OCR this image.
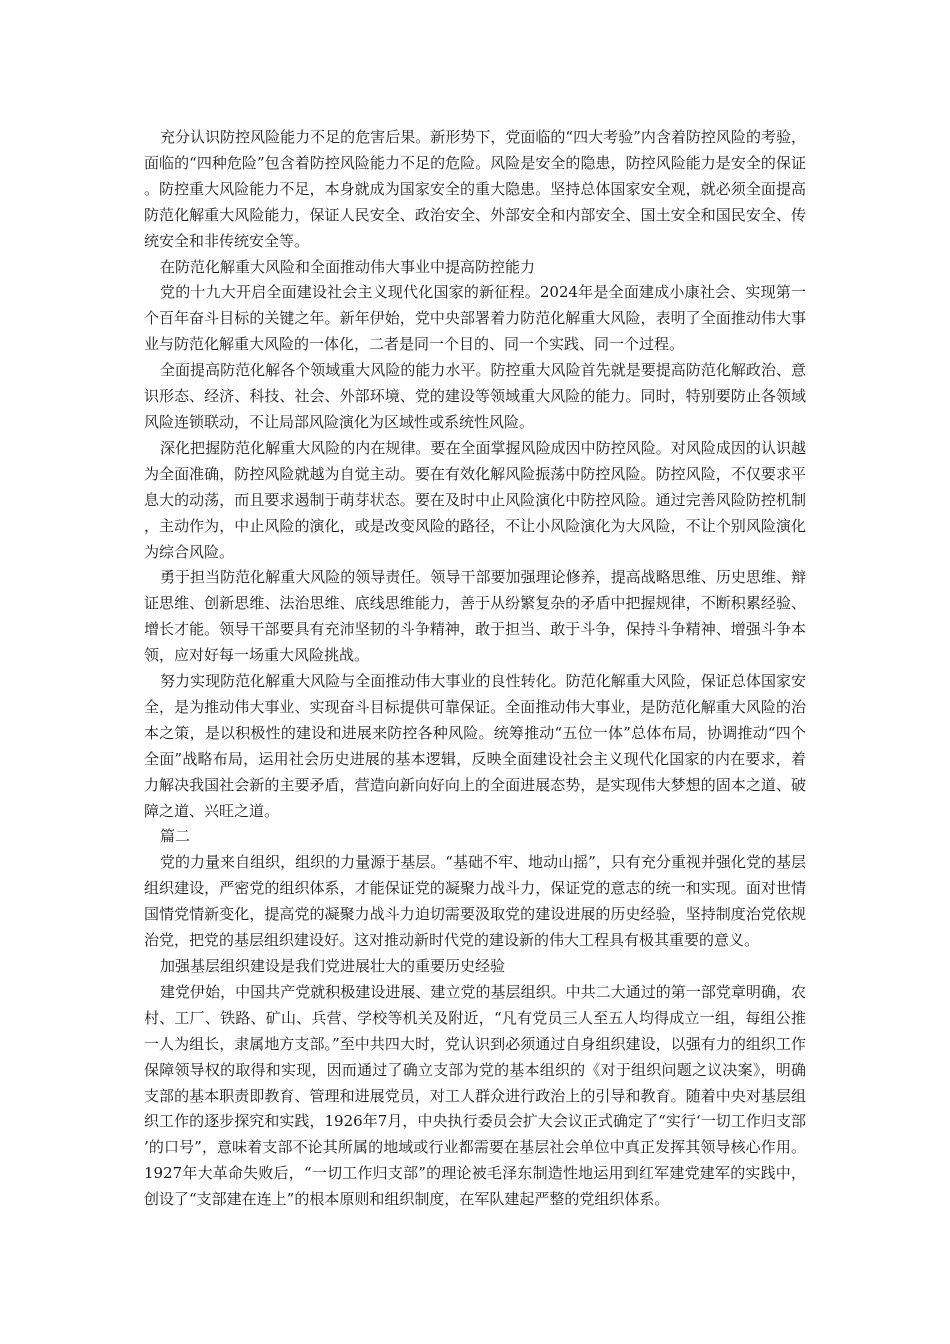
充分认识防控风险能力不足的危害后果。新形势下，党面临的“四大考验”内含着防控风险的考验，面临的“四种危险”包含着防控风险能力不足的危险。风险是安全的隐患，防控风险能力是安全的保证。防控重大风险能力不足，本身就成为国家安全的重大隐患。坚持总体国家安全观，就必须全面提高防范化解重大风险能力，保证人民安全、政治安全、外部安全和内部安全、国土安全和国民安全、传统安全和非传统安全等。

在防范化解重大风险和全面推动伟大事业中提高防控能力

党的十九大开启全面建设社会主义现代化国家的新征程。2024年是全面建成小康社会、实现第一个百年奋斗目标的关键之年。新年伊始，党中央部署着力防范化解重大风险，表明了全面推动伟大事业与防范化解重大风险的一体化，二者是同一个目的、同一个实践、同一个过程。

全面提高防范化解各个领域重大风险的能力水平。防控重大风险首先就是要提高防范化解政治、意识形态、经济、科技、社会、外部环境、党的建设等领域重大风险的能力。同时，特别要防止各领域风险连锁联动，不让局部风险演化为区域性或系统性风险。

深化把握防范化解重大风险的内在规律。要在全面掌握风险成因中防控风险。对风险成因的认识越为全面准确，防控风险就越为自觉主动。要在有效化解风险振荡中防控风险。防控风险，不仅要求平息大的动荡，而且要求遏制于萌芽状态。要在及时中止风险演化中防控风险。通过完善风险防控机制，主动作为，中止风险的演化，或是改变风险的路径，不让小风险演化为大风险，不让个别风险演化为综合风险。

勇于担当防范化解重大风险的领导责任。领导干部要加强理论修养，提高战略思维、历史思维、辩证思维、创新思维、法治思维、底线思维能力，善于从纷繁复杂的矛盾中把握规律，不断积累经验、增长才能。领导干部要具有充沛坚韧的斗争精神，敢于担当、敢于斗争，保持斗争精神、增强斗争本领，应对好每一场重大风险挑战。

努力实现防范化解重大风险与全面推动伟大事业的良性转化。防范化解重大风险，保证总体国家安全，是为推动伟大事业、实现奋斗目标提供可靠保证。全面推动伟大事业，是防范化解重大风险的治本之策，是以积极性的建设和进展来防控各种风险。统筹推动“五位一体”总体布局，协调推动“四个全面”战略布局，运用社会历史进展的基本逻辑，反映全面建设社会主义现代化国家的内在要求，着力解决我国社会新的主要矛盾，营造向新向好向上的全面进展态势，是实现伟大梦想的固本之道、破障之道、兴旺之道。

篇二

党的力量来自组织，组织的力量源于基层。“基础不牢、地动山摇”，只有充分重视并强化党的基层组织建设，严密党的组织体系，才能保证党的凝聚力战斗力，保证党的意志的统一和实现。面对世情国情党情新变化，提高党的凝聚力战斗力迫切需要汲取党的建设进展的历史经验，坚持制度治党依规治党，把党的基层组织建设好。这对推动新时代党的建设新的伟大工程具有极其重要的意义。

加强基层组织建设是我们党进展壮大的重要历史经验

建党伊始，中国共产党就积极建设进展、建立党的基层组织。中共二大通过的第一部党章明确，农村、工厂、铁路、矿山、兵营、学校等机关及附近，“凡有党员三人至五人均得成立一组，每组公推一人为组长，隶属地方支部。”至中共四大时，党认识到必须通过自身组织建设，以强有力的组织工作保障领导权的取得和实现，因而通过了确立支部为党的基本组织的《对于组织问题之议决案》，明确支部的基本职责即教育、管理和进展党员，对工人群众进行政治上的引导和教育。随着中央对基层组织工作的逐步探究和实践，1926年7月，中央执行委员会扩大会议正式确定了“实行‘一切工作归支部’的口号”，意味着支部不论其所属的地域或行业都需要在基层社会单位中真正发挥其领导核心作用。1927年大革命失败后，“一切工作归支部”的理论被毛泽东制造性地运用到红军建党建军的实践中，创设了“支部建在连上”的根本原则和组织制度，在军队建起严整的党组织体系。
